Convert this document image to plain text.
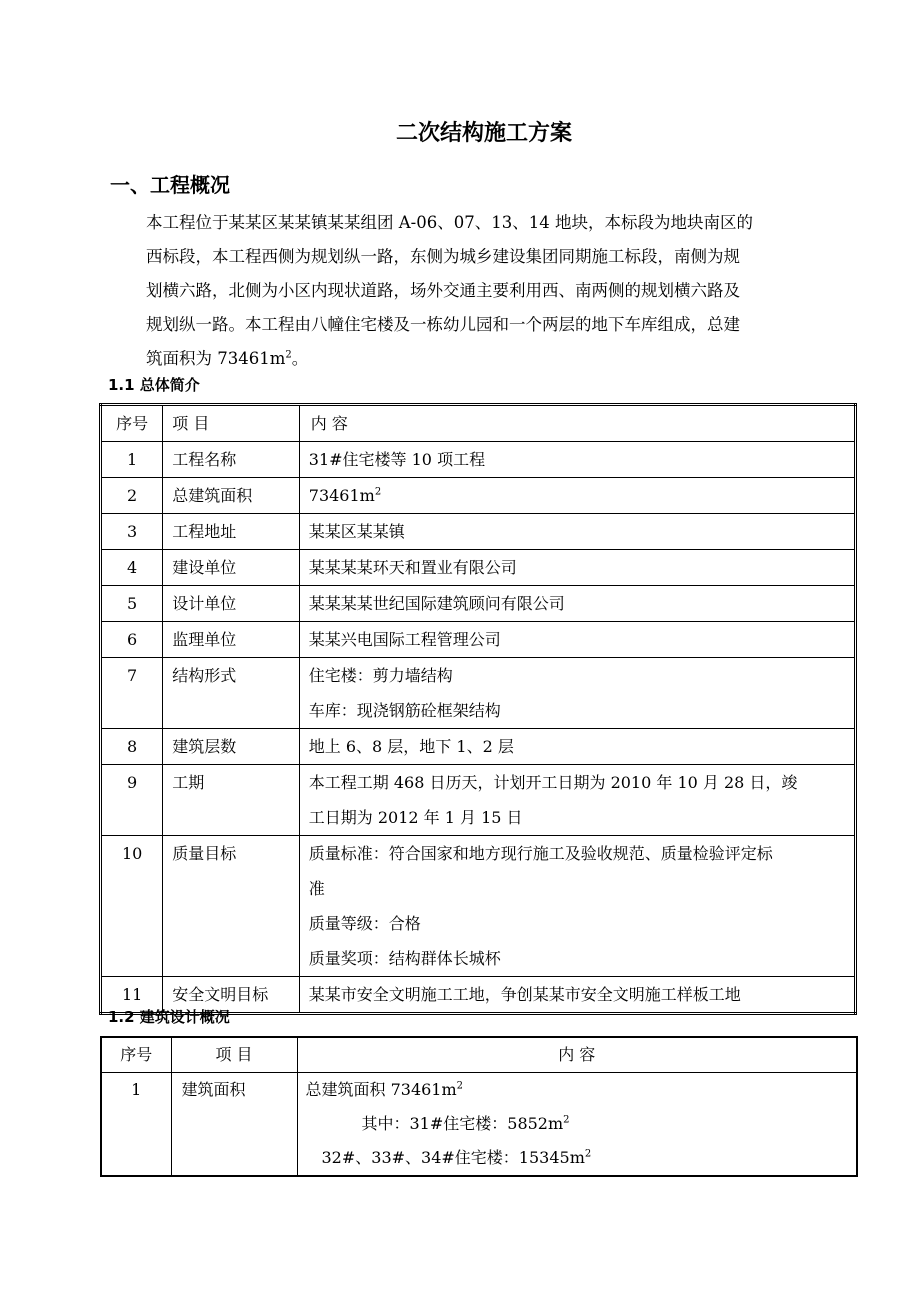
二次结构施工方案
一、工程概况

本工程位于某某区某某镇某某组团 A-06、07、13、14 地块，本标段为地块南区的

西标段，本工程西侧为规划纵一路，东侧为城乡建设集团同期施工标段，南侧为规

划横六路，北侧为小区内现状道路，场外交通主要利用西、南两侧的规划横六路及

规划纵一路。本工程由八幢住宅楼及一栋幼儿园和一个两层的地下车库组成，总建

筑面积为 $73461m^2$。

1.1 总体简介
序号	项 目	内 容

1	工程名称	31#住宅楼等 10 项工程

2	总建筑面积	$73461m^2$

3	工程地址	某某区某某镇

4	建设单位	某某某某环天和置业有限公司

5	设计单位	某某某某世纪国际建筑顾问有限公司

6	监理单位	某某兴电国际工程管理公司

7	结构形式	住宅楼：剪力墙结构
车库：现浇钢筋砼框架结构

8	建筑层数	地上 6、8 层，地下 1、2 层

9	工期	本工程工期 468 日历天，计划开工日期为 2010 年 10 月 28 日，竣
工日期为 2012 年 1 月 15 日

10	质量目标	质量标准：符合国家和地方现行施工及验收规范、质量检验评定标
准
质量等级：合格
质量奖项：结构群体长城杯

11	安全文明目标	某某市安全文明施工工地，争创某某市安全文明施工样板工地
1.2 建筑设计概况
序号	项 目	内 容

1	建筑面积	总建筑面积 $73461m^2$
其中：31#住宅楼：$5852m^2$
32#、33#、34#住宅楼：$15345m^2$
